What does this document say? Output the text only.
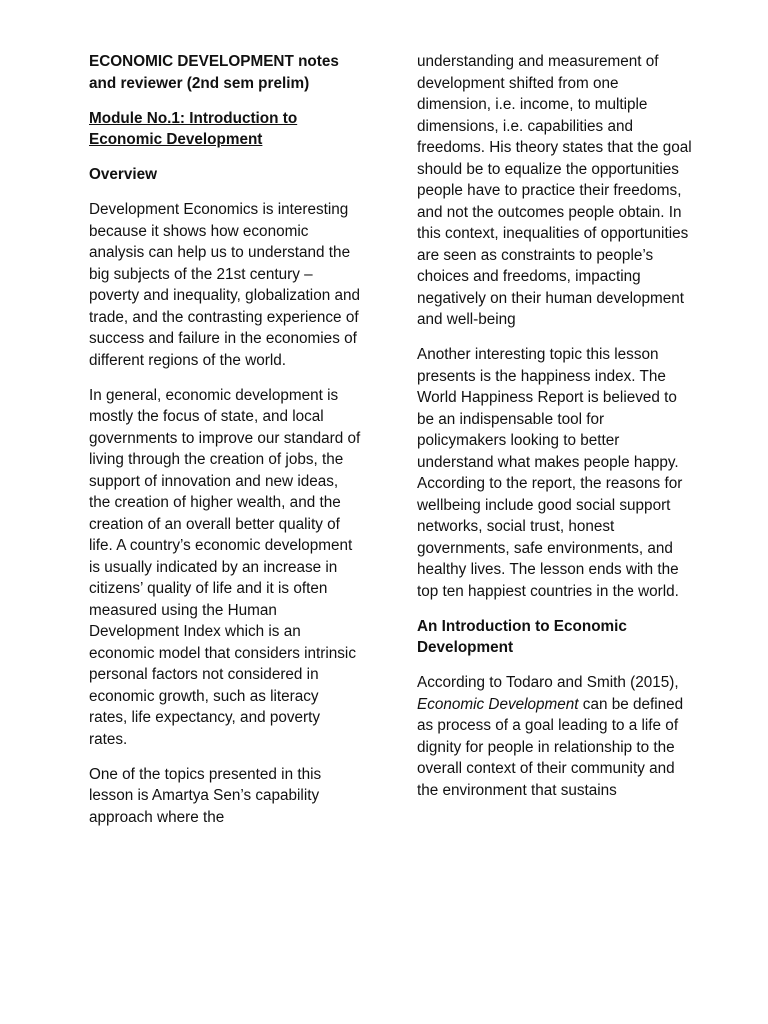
ECONOMIC DEVELOPMENT notes and reviewer (2nd sem prelim)
Module No.1: Introduction to Economic Development
Overview

Development Economics is interesting because it shows how economic analysis can help us to understand the big subjects of the 21st century – poverty and inequality, globalization and trade, and the contrasting experience of success and failure in the economies of different regions of the world.

In general, economic development is mostly the focus of state, and local governments to improve our standard of living through the creation of jobs, the support of innovation and new ideas, the creation of higher wealth, and the creation of an overall better quality of life. A country’s economic development is usually indicated by an increase in citizens’ quality of life and it is often measured using the Human Development Index which is an economic model that considers intrinsic personal factors not considered in economic growth, such as literacy rates, life expectancy, and poverty rates.

One of the topics presented in this lesson is Amartya Sen’s capability approach where the

understanding and measurement of development shifted from one dimension, i.e. income, to multiple dimensions, i.e. capabilities and freedoms. His theory states that the goal should be to equalize the opportunities people have to practice their freedoms, and not the outcomes people obtain. In this context, inequalities of opportunities are seen as constraints to people’s choices and freedoms, impacting negatively on their human development and well-being

Another interesting topic this lesson presents is the happiness index. The World Happiness Report is believed to be an indispensable tool for policymakers looking to better understand what makes people happy. According to the report, the reasons for wellbeing include good social support networks, social trust, honest governments, safe environments, and healthy lives. The lesson ends with the top ten happiest countries in the world.

An Introduction to Economic Development

According to Todaro and Smith (2015), Economic Development can be defined as process of a goal leading to a life of dignity for people in relationship to the overall context of their community and the environment that sustains
